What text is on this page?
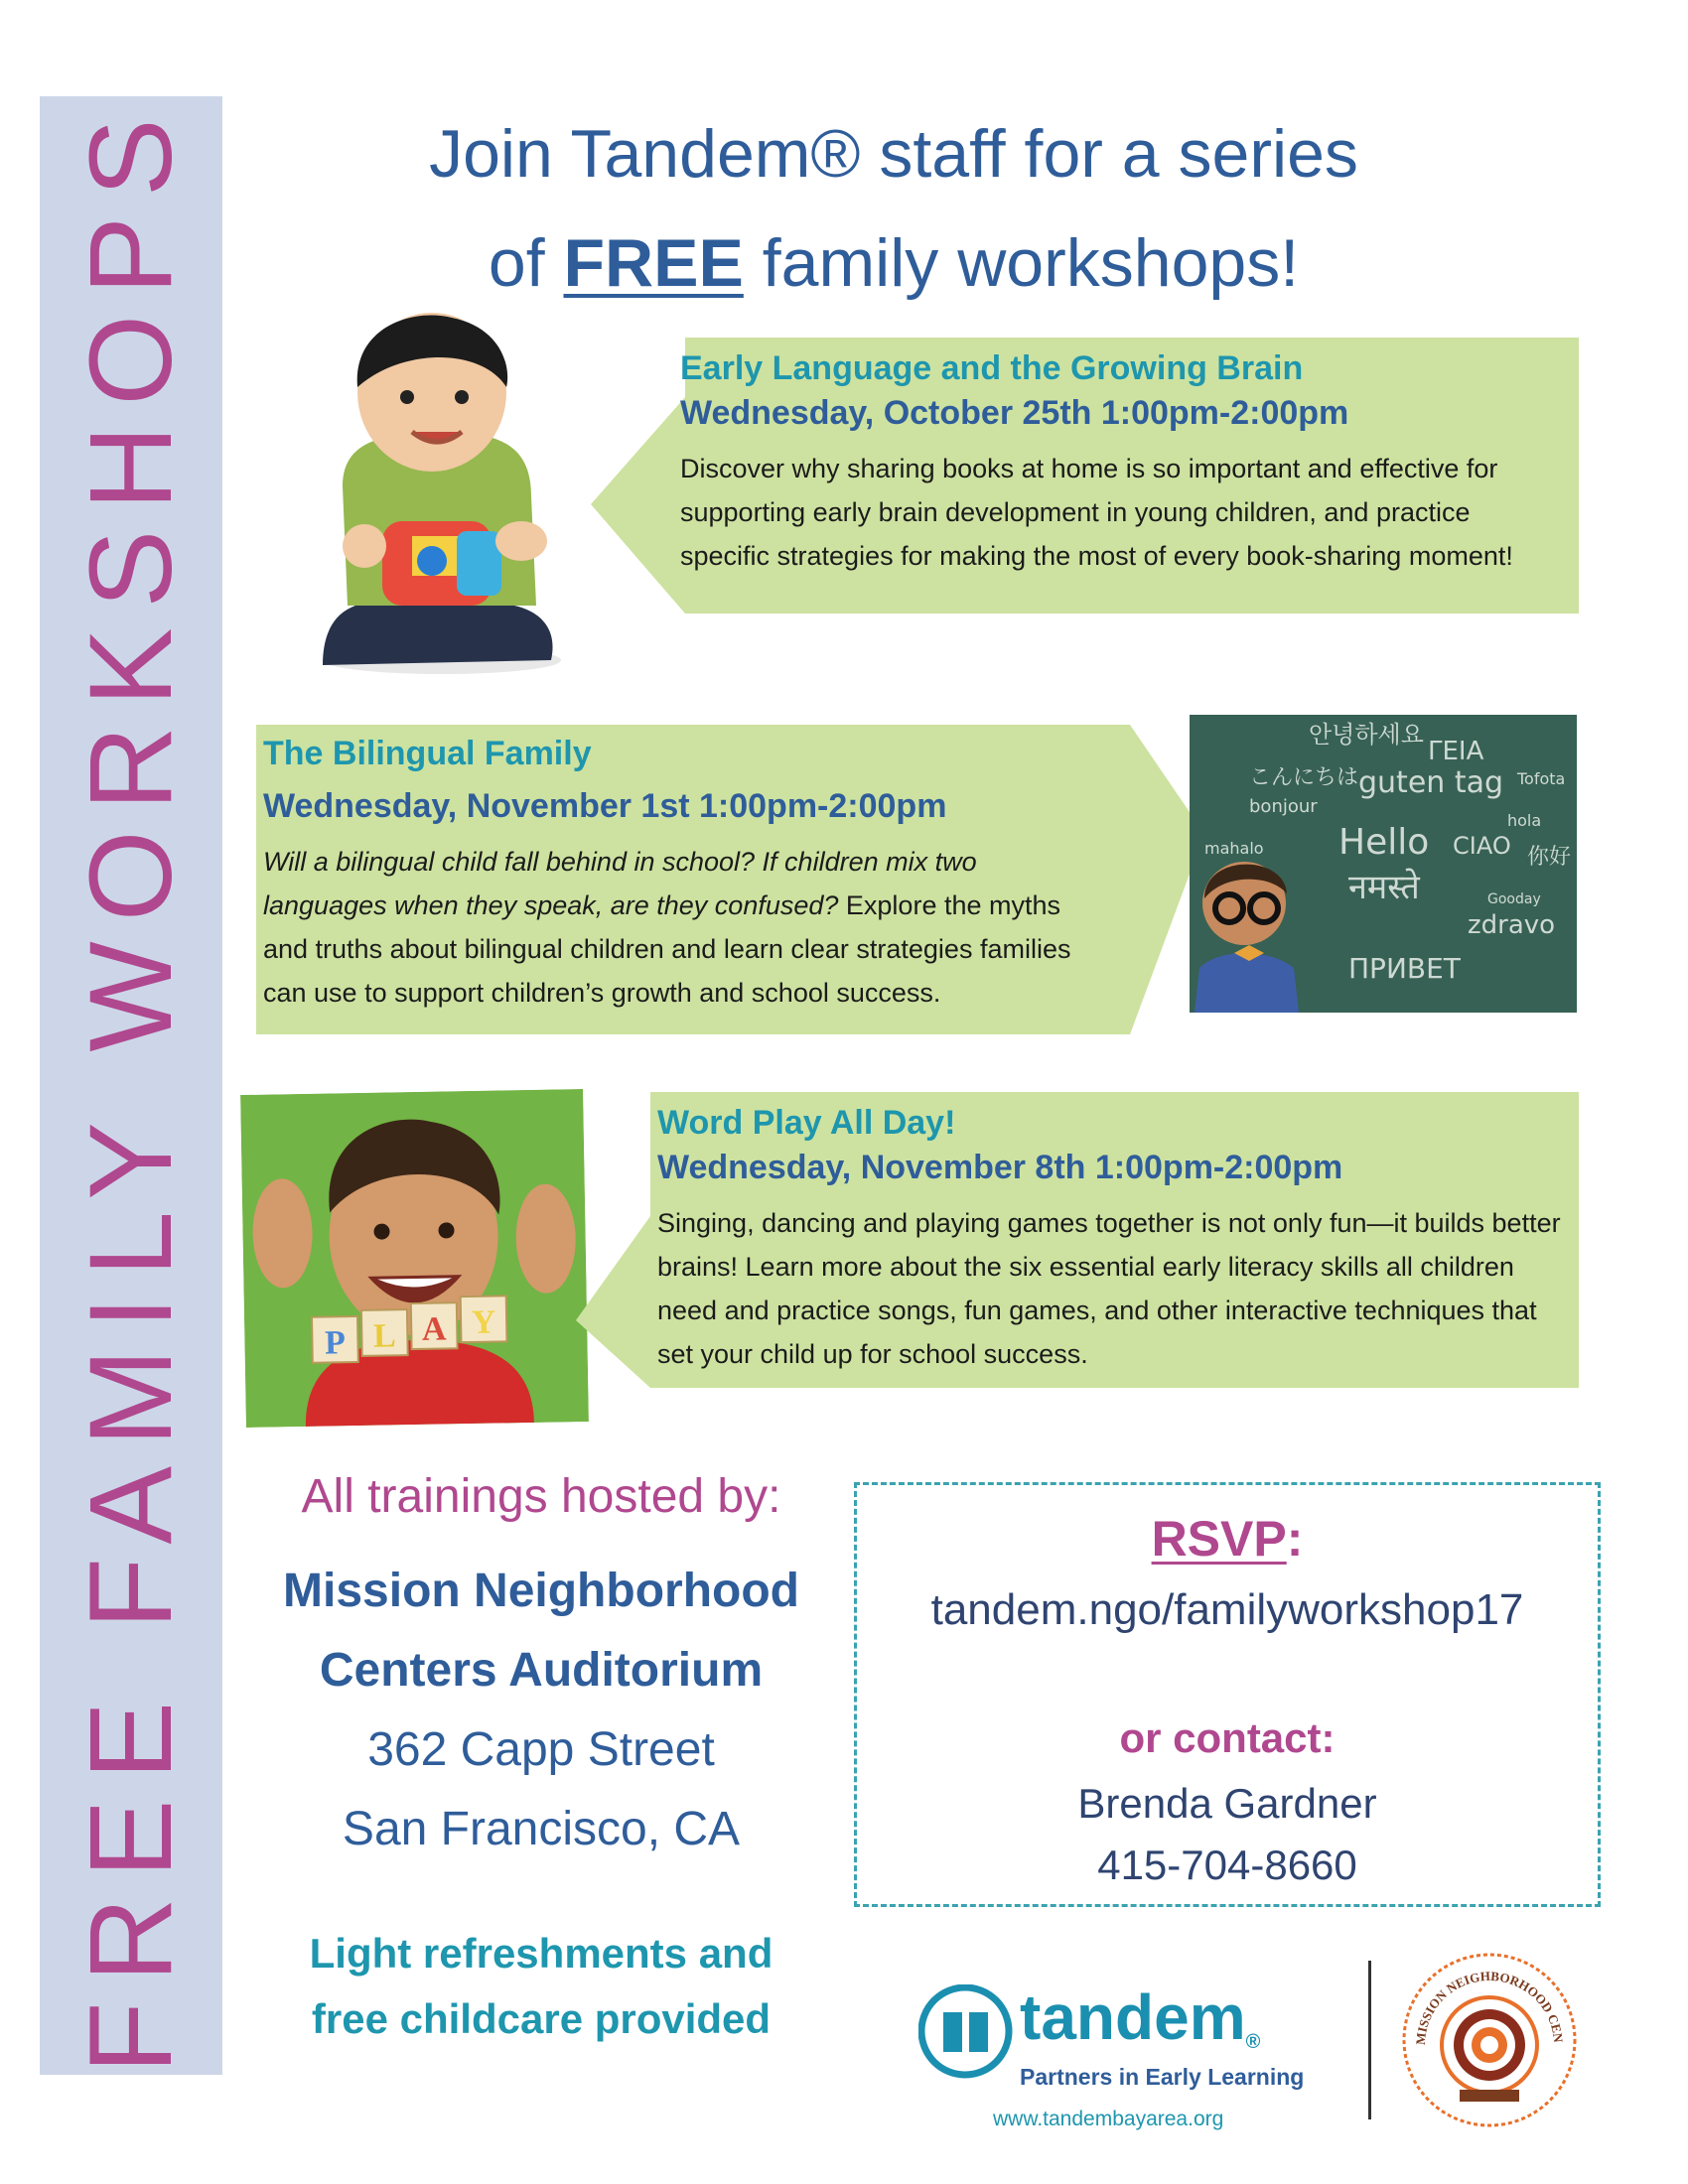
FREE FAMILY WORKSHOPS	Join Tandem® staff for a series
of FREE family workshops!
Early Language and the Growing Brain
Wednesday, October 25th 1:00pm-2:00pm
Discover why sharing books at home is so important and effective for supporting early brain development in young children, and practice specific strategies for making the most of every book-sharing moment!
The Bilingual Family
Wednesday, November 1st 1:00pm-2:00pm
Will a bilingual child fall behind in school? If children mix two languages when they speak, are they confused? Explore the myths and truths about bilingual children and learn clear strategies families can use to support children’s growth and school success.
안녕하세요
ΓΕΙΑ
こんにちは guten tag
bonjour
Hello
mahalo	CIAO
नमस्ते
ПРИВЕТ
zdravo
hola
Tofota
Gooday
你好
P L A Y
Word Play All Day!
Wednesday, November 8th 1:00pm-2:00pm
Singing, dancing and playing games together is not only fun—it builds better brains! Learn more about the six essential early literacy skills all children need and practice songs, fun games, and other interactive techniques that set your child up for school success.
All trainings hosted by:
Mission Neighborhood
Centers Auditorium
362 Capp Street
San Francisco, CA
Light refreshments and
free childcare provided
RSVP:
tandem.ngo/familyworkshop17
or contact:
Brenda Gardner
415-704-8660
tandem®
Partners in Early Learning
www.tandembayarea.org
MISSION NEIGHBORHOOD CEN
